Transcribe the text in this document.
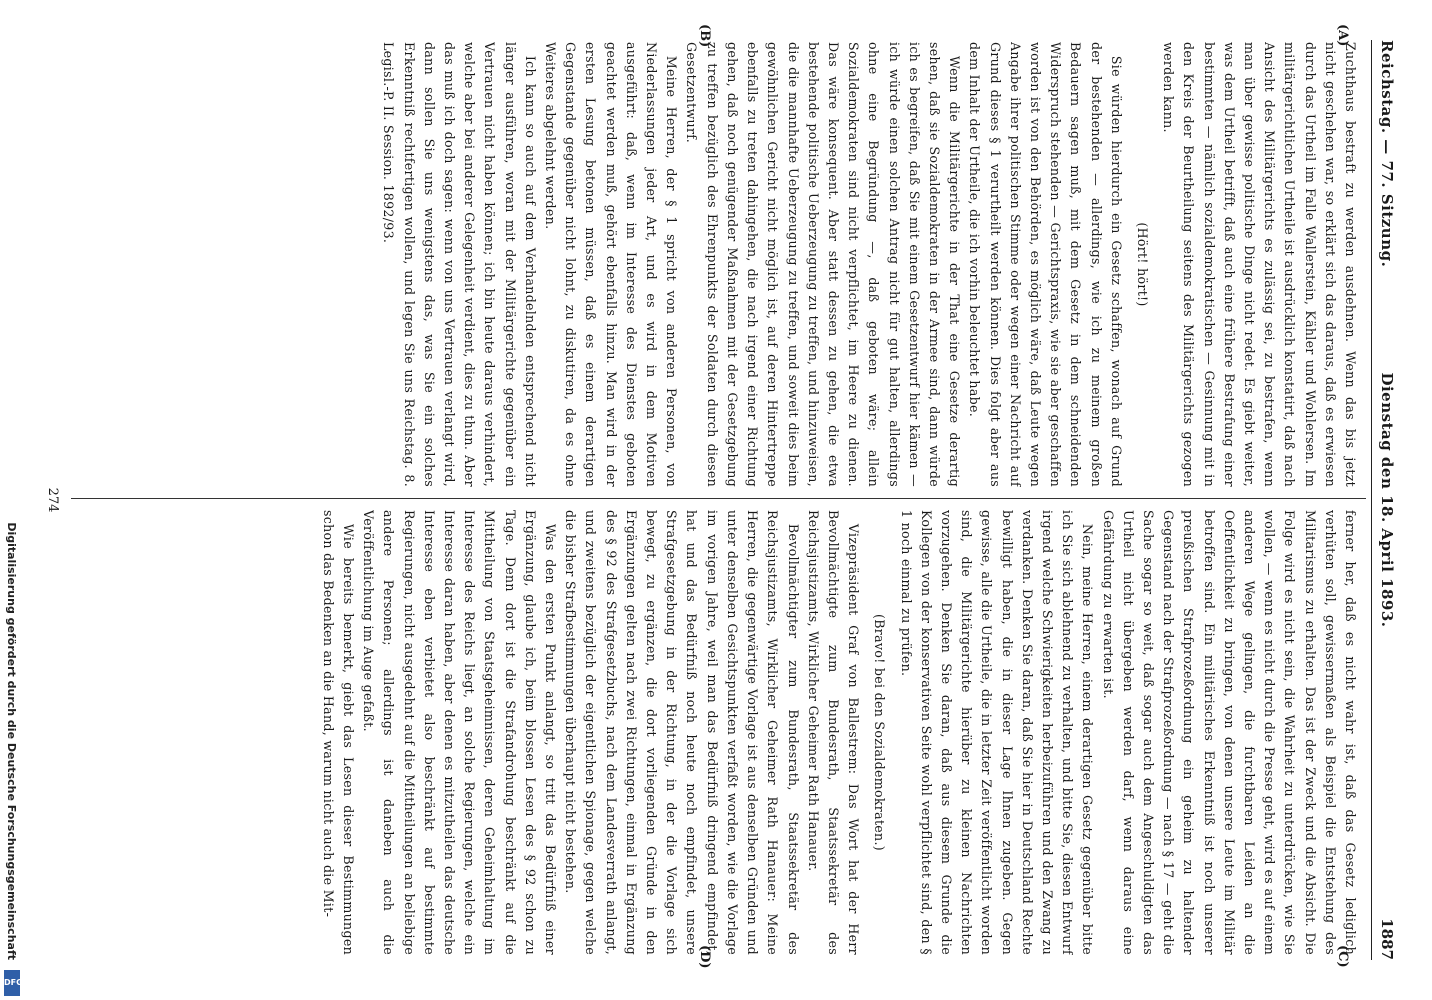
Digitalisierung gefördert durch die Deutsche Forschungsgemeinschaft
DFG
Reichstag. — 77. Sitzung.
Dienstag den 18. April 1893.
1887
(A)
(B)
(C)
(D)

Zuchthaus bestraft zu werden ausdehnen. Wenn das bis jetzt nicht geschehen war, so erklärt sich das daraus, daß es erwiesen durch das Urtheil im Falle Wallerstein, Kähler und Wohlersen. Im militärgerichtlichen Urtheile ist ausdrücklich konstatirt, daß nach Ansicht des Militärgerichts es zulässig sei, zu bestrafen, wenn man über gewisse politische Dinge nicht redet. Es giebt weiter, was dem Urtheil betrifft, daß auch eine frühere Bestrafung einer bestimmten — nämlich sozialdemokratischen — Gesinnung mit in den Kreis der Beurtheilung seitens des Militärgerichts gezogen werden kann.

(Hört! hört!)

Sie würden hierdurch ein Gesetz schaffen, wonach auf Grund der bestehenden — allerdings, wie ich zu meinem großen Bedauern sagen muß, mit dem Gesetz in dem schneidenden Widerspruch stehenden — Gerichtspraxis, wie sie aber geschaffen worden ist von den Behörden, es möglich wäre, daß Leute wegen Angabe ihrer politischen Stimme oder wegen einer Nachricht auf Grund dieses § 1 verurtheilt werden können. Dies folgt aber aus dem Inhalt der Urtheile, die ich vorhin beleuchtet habe.

Wenn die Militärgerichte in der That eine Gesetze derartig sehen, daß sie Sozialdemokraten in der Armee sind, dann würde ich es begreifen, daß Sie mit einem Gesetzentwurf hier kämen — ich würde einen solchen Antrag nicht für gut halten, allerdings ohne eine Begründung —, daß geboten wäre; allein Sozialdemokraten sind nicht verpflichtet, im Heere zu dienen. Das wäre konsequent. Aber statt dessen zu gehen, die etwa bestehende politische Ueberzeugung zu treffen, und hinzuweisen, die die mannhafte Ueberzeugung zu treffen, und soweit dies beim gewöhnlichen Gericht nicht möglich ist, auf deren Hintertreppe ebenfalls zu treten dahingehen, die nach irgend einer Richtung gehen, daß noch genügender Maßnahmen mit der Gesetzgebung zu treffen bezüglich des Ehrenpunkts der Soldaten durch diesen Gesetzentwurf.

Meine Herren, der § 1 spricht von anderen Personen, von Niederlassungen jeder Art, und es wird in dem Motiven ausgeführt: daß, wenn im Interesse des Dienstes geboten geachtet werden muß, gehört ebenfalls hinzu. Man wird in der ersten Lesung betonen müssen, daß es einem derartigen Gegenstande gegenüber nicht lohnt, zu diskutiren, da es ohne Weiteres abgelehnt werden.

Ich kann so auch auf dem Verhandelnden entsprechend nicht länger ausführen, woran mit der Militärgerichte gegenüber ein Vertrauen nicht haben können; ich bin heute daraus verhindert, welche aber bei anderer Gelegenheit verdient, dies zu thun. Aber das muß ich doch sagen: wenn von uns Vertrauen verlangt wird, dann sollen Sie uns wenigstens das, was Sie ein solches Erkenntniß rechtfertigen wollen, und legen Sie uns Reichstag. 8. Legisl.-P. II. Session. 1892/93.

ferner her, daß es nicht wahr ist, daß das Gesetz lediglich verhüten soll, gewissermaßen als Beispiel die Entstehung des Militarismus zu erhalten. Das ist der Zweck und die Absicht. Die Folge wird es nicht sein, die Wahrheit zu unterdrücken, wie Sie wollen, — wenn es nicht durch die Presse geht, wird es auf einem anderen Wege gelingen, die furchtbaren Leiden an die Oeffentlichkeit zu bringen, von denen unsere Leute im Militär betroffen sind. Ein militärisches Erkenntniß ist noch unserer preußischen Strafprozeßordnung ein geheim zu haltender Gegenstand nach der Strafprozeßordnung — nach § 17 — geht die Sache sogar so weit, daß sogar auch dem Angeschuldigten das Urtheil nicht übergeben werden darf, wenn daraus eine Gefährdung zu erwarten ist.

Nein, meine Herren, einem derartigen Gesetz gegenüber bitte ich Sie sich ablehnend zu verhalten, und bitte Sie, diesen Entwurf irgend welche Schwierigkeiten herbeizuführen und den Zwang zu verdanken. Denken Sie daran, daß Sie hier in Deutschland Rechte bewilligt haben, die in dieser Lage Ihnen zugeben. Gegen gewisse, alle die Urtheile, die in letzter Zeit veröffentlicht worden sind, die Militärgerichte hierüber zu kleinen Nachrichten vorzugehen. Denken Sie daran, daß aus diesem Grunde die Kollegen von der konservativen Seite wohl verpflichtet sind, den § 1 noch einmal zu prüfen.

(Bravo! bei den Sozialdemokraten.)

Vizepräsident Graf von Ballestrem: Das Wort hat der Herr Bevollmächtigte zum Bundesrath, Staatssekretär des Reichsjustizamts, Wirklicher Geheimer Rath Hanauer.

Bevollmächtigter zum Bundesrath, Staatssekretär des Reichsjustizamts, Wirklicher Geheimer Rath Hanauer: Meine Herren, die gegenwärtige Vorlage ist aus denselben Gründen und unter denselben Gesichtspunkten verfaßt worden, wie die Vorlage im vorigen Jahre, weil man das Bedürfniß dringend empfindet, hat und das Bedürfniß noch heute noch empfindet, unsere Strafgesetzgebung in der Richtung, in der die Vorlage sich bewegt, zu ergänzen, die dort vorliegenden Gründe in den Ergänzungen gelten nach zwei Richtungen, einmal in Ergänzung des § 92 des Strafgesetzbuchs, nach dem Landesverrath anlangt, und zweitens bezüglich der eigentlichen Spionage, gegen welche die bisher Strafbestimmungen überhaupt nicht bestehen.

Was den ersten Punkt anlangt, so tritt das Bedürfniß einer Ergänzung, glaube ich, beim blossen Lesen des § 92 schon zu Tage. Denn dort ist die Strafandrohung beschränkt auf die Mittheilung von Staatsgeheimnissen, deren Geheimhaltung im Interesse des Reichs liegt, an solche Regierungen, welche ein Interesse daran haben, aber denen es mitzutheilen das deutsche Interesse eben verbietet also beschränkt auf bestimmte Regierungen, nicht ausgedehnt auf die Mittheilungen an beliebige andere Personen; allerdings ist daneben auch die Veröffentlichung im Auge gefaßt.

Wie bereits bemerkt, giebt das Lesen dieser Bestimmungen schon das Bedenken an die Hand, warum nicht auch die Mit-

274
